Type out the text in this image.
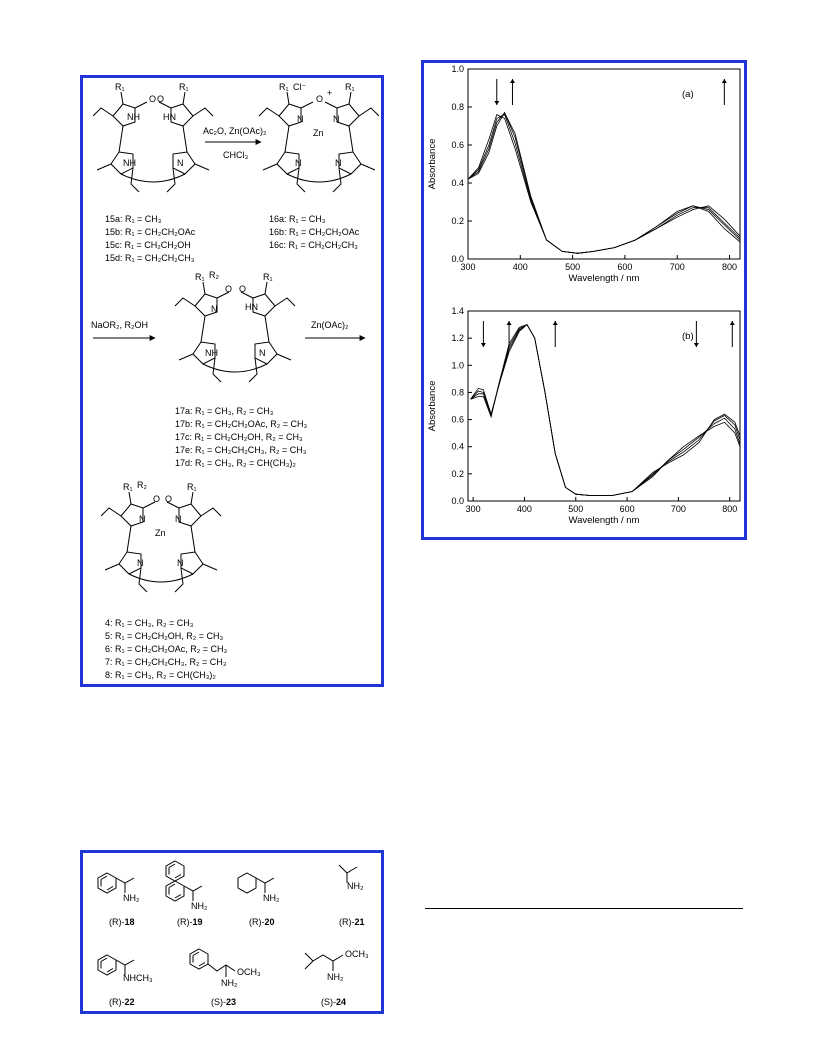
R₁	R₁
O O
NH	HN
NH	N
Ac₂O, Zn(OAc)₂
CHCl₃
R₁ Cl⁻	R₁
O
+
N	N
Zn
N	N
15a: R₁ = CH₃
15b: R₁ = CH₂CH₂OAc
15c: R₁ = CH₂CH₂OH
15d: R₁ = CH₂CH₂CH₃
16a: R₁ = CH₃
16b: R₁ = CH₂CH₂OAc
16c: R₁ = CH₂CH₂CH₃
NaOR₂, R₂OH
R₁ R₂	R₁
O O
N	HN
NH	N
Zn(OAc)₂
17a: R₁ = CH₃, R₂ = CH₃
17b: R₁ = CH₂CH₂OAc, R₂ = CH₃
17c: R₁ = CH₂CH₂OH, R₂ = CH₃
17e: R₁ = CH₂CH₂CH₃, R₂ = CH₃
17d: R₁ = CH₃, R₂ = CH(CH₃)₂
R₁ R₂	R₁
O O
N	N
Zn
N	N
4: R₁ = CH₃, R₂ = CH₃
5: R₁ = CH₂CH₂OH, R₂ = CH₃
6: R₁ = CH₂CH₂OAc, R₂ = CH₃
7: R₁ = CH₂CH₂CH₃, R₂ = CH₃
8: R₁ = CH₃, R₂ = CH(CH₃)₂
300	400	500	600	700	800
0.0
0.2
0.4
0.6
0.8
1.0
Wavelength / nm
Absorbance
(a)
300	400	500	600	700	800
0.0
0.2
0.4
0.6
0.8
1.0
1.2
1.4
Wavelength / nm
Absorbance
(b)
NH₂
(R)-18
NH₂
(R)-19
NH₂
(R)-20
NH₂
(R)-21
NHCH₃
(R)-22
NH₂
OCH₃
(S)-23
NH₂
OCH₃
(S)-24
